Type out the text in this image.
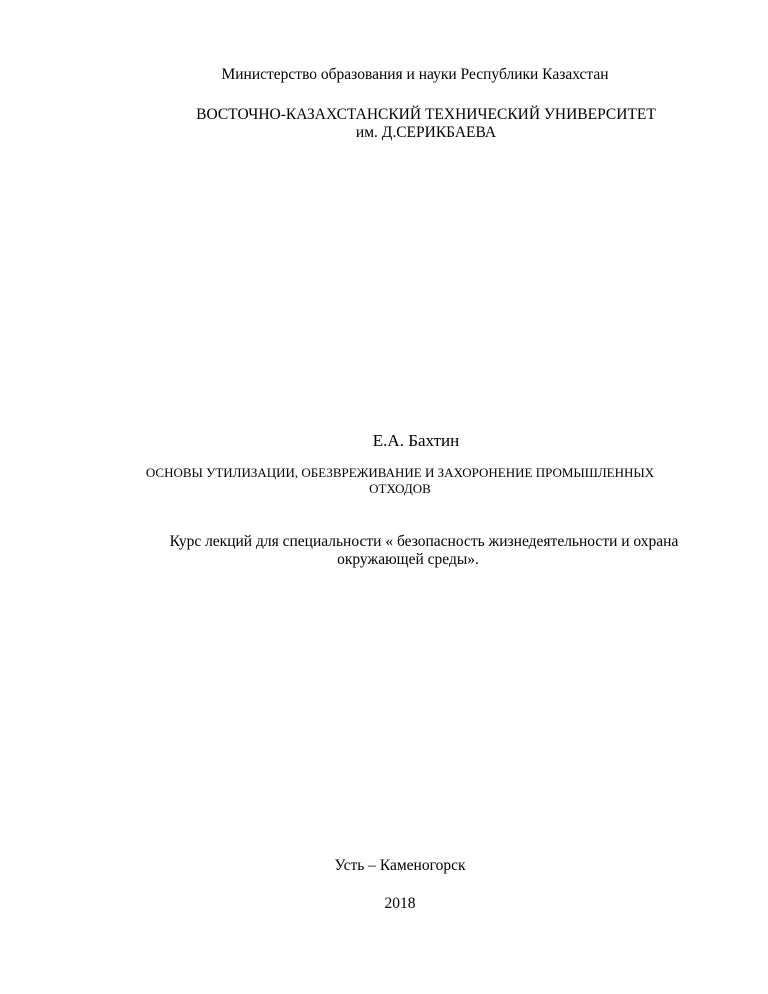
Министерство образования и науки Республики Казахстан
ВОСТОЧНО-КАЗАХСТАНСКИЙ ТЕХНИЧЕСКИЙ УНИВЕРСИТЕТ
им. Д.СЕРИКБАЕВА
Е.А. Бахтин
ОСНОВЫ УТИЛИЗАЦИИ, ОБЕЗВРЕЖИВАНИЕ И ЗАХОРОНЕНИЕ ПРОМЫШЛЕННЫХ
ОТХОДОВ
Курс лекций для специальности « безопасность жизнедеятельности и охрана
окружающей среды».
Усть – Каменогорск
2018
